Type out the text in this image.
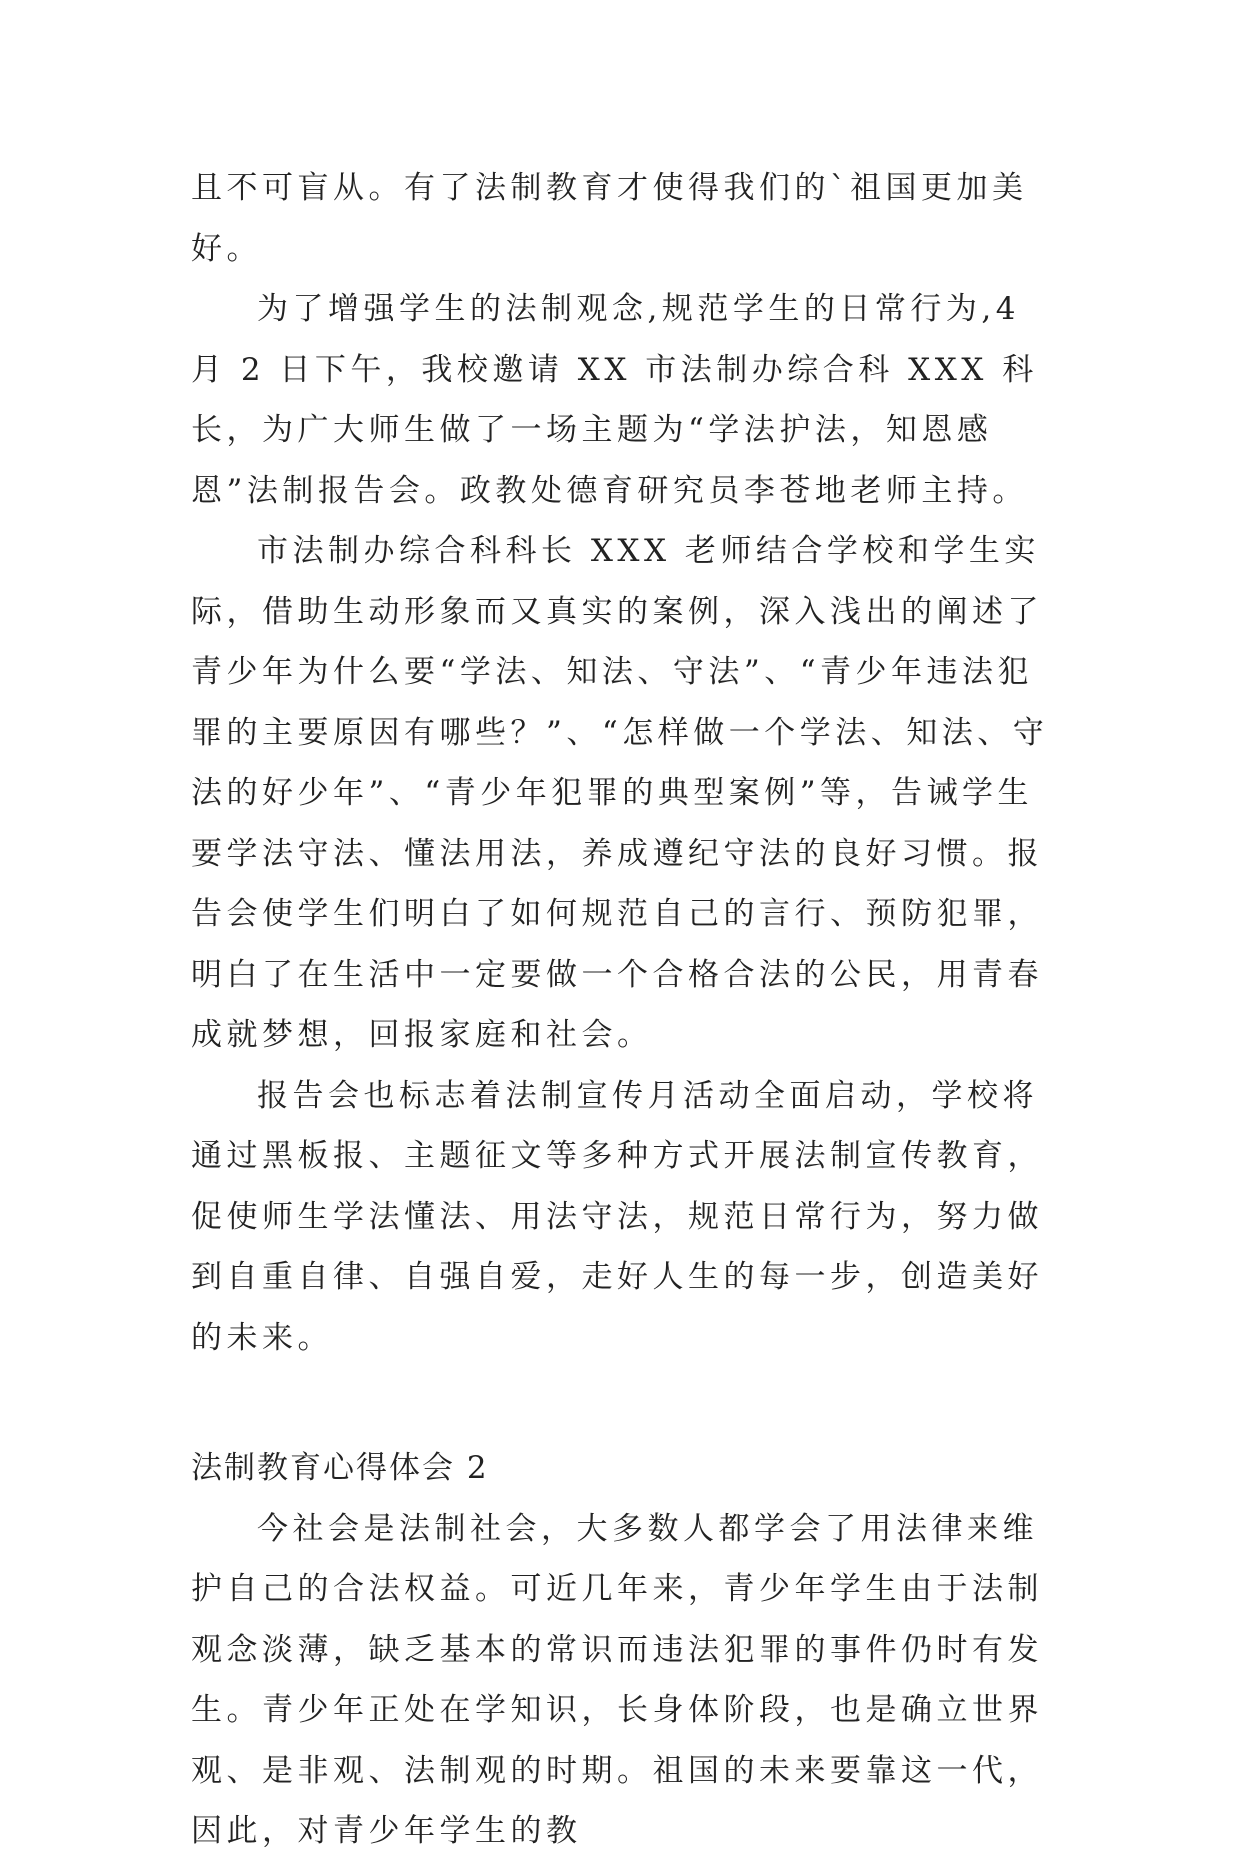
且不可盲从。有了法制教育才使得我们的`祖国更加美好。

为了增强学生的法制观念,规范学生的日常行为,4 月 2 日下午，我校邀请 XX 市法制办综合科 XXX 科长，为广大师生做了一场主题为“学法护法，知恩感恩”法制报告会。政教处德育研究员李苍地老师主持。

市法制办综合科科长 XXX 老师结合学校和学生实际，借助生动形象而又真实的案例，深入浅出的阐述了青少年为什么要“学法、知法、守法”、“青少年违法犯罪的主要原因有哪些？”、“怎样做一个学法、知法、守法的好少年”、“青少年犯罪的典型案例”等，告诫学生要学法守法、懂法用法，养成遵纪守法的良好习惯。报告会使学生们明白了如何规范自己的言行、预防犯罪，明白了在生活中一定要做一个合格合法的公民，用青春成就梦想，回报家庭和社会。

报告会也标志着法制宣传月活动全面启动，学校将通过黑板报、主题征文等多种方式开展法制宣传教育，促使师生学法懂法、用法守法，规范日常行为，努力做到自重自律、自强自爱，走好人生的每一步，创造美好的未来。

法制教育心得体会 2

今社会是法制社会，大多数人都学会了用法律来维护自己的合法权益。可近几年来，青少年学生由于法制观念淡薄，缺乏基本的常识而违法犯罪的事件仍时有发生。青少年正处在学知识，长身体阶段，也是确立世界观、是非观、法制观的时期。祖国的未来要靠这一代，因此，对青少年学生的教
